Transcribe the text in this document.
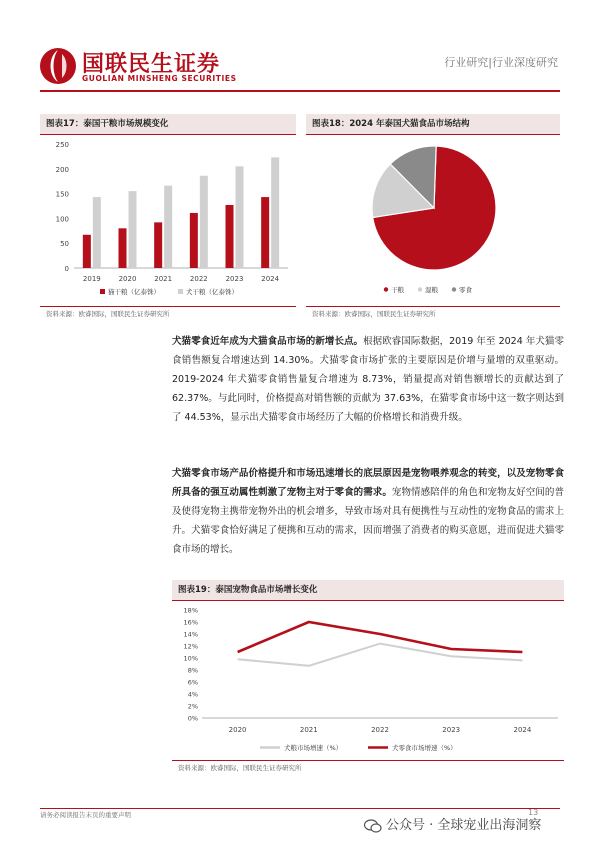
国联民生证券
GUOLIAN MINSHENG SECURITIES
行业研究|行业深度研究
图表17：泰国干粮市场规模变化
0
50
100
150
200
250
2019	2020	2021	2022	2023	2024
猫干粮（亿泰铢）	犬干粮（亿泰铢）
资料来源：欧睿国际，国联民生证券研究所
图表18：2024 年泰国犬猫食品市场结构
干粮	湿粮	零食
资料来源：欧睿国际，国联民生证券研究所
犬猫零食近年成为犬猫食品市场的新增长点。根据欧睿国际数据，2019 年至 2024 年犬猫零食销售额复合增速达到 14.30%。犬猫零食市场扩张的主要原因是价增与量增的双重驱动。2019-2024 年犬猫零食销售量复合增速为 8.73%，销量提高对销售额增长的贡献达到了 62.37%。与此同时，价格提高对销售额的贡献为 37.63%，在猫零食市场中这一数字则达到了 44.53%，显示出犬猫零食市场经历了大幅的价格增长和消费升级。
犬猫零食市场产品价格提升和市场迅速增长的底层原因是宠物喂养观念的转变，以及宠物零食所具备的强互动属性刺激了宠物主对于零食的需求。宠物情感陪伴的角色和宠物友好空间的普及使得宠物主携带宠物外出的机会增多，导致市场对具有便携性与互动性的宠物食品的需求上升。犬猫零食恰好满足了便携和互动的需求，因而增强了消费者的购买意愿，进而促进犬猫零食市场的增长。
图表19：泰国宠物食品市场增长变化
0%
2%
4%
6%
8%
10%
12%
14%
16%
18%
2020	2021	2022	2023	2024
犬粮市场增速（%）	犬零食市场增速（%）
资料来源：欧睿国际，国联民生证券研究所
请务必阅读报告末页的重要声明	13
公众号 · 全球宠业出海洞察
